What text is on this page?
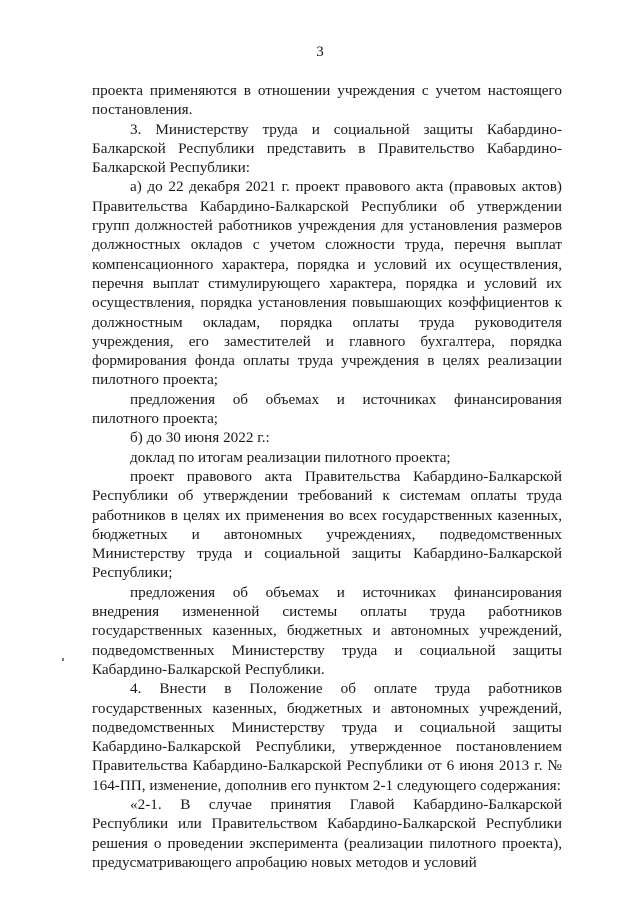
3

проекта применяются в отношении учреждения с учетом настоящего постановления.

3. Министерству труда и социальной защиты Кабардино-Балкарской Республики представить в Правительство Кабардино-Балкарской Республики:

а) до 22 декабря 2021 г. проект правового акта (правовых актов) Правительства Кабардино-Балкарской Республики об утверждении групп должностей работников учреждения для установления размеров должностных окладов с учетом сложности труда, перечня выплат компенсационного характера, порядка и условий их осуществления, перечня выплат стимулирующего характера, порядка и условий их осуществления, порядка установления повышающих коэффициентов к должностным окладам, порядка оплаты труда руководителя учреждения, его заместителей и главного бухгалтера, порядка формирования фонда оплаты труда учреждения в целях реализации пилотного проекта;

предложения об объемах и источниках финансирования пилотного проекта;

б) до 30 июня 2022 г.:

доклад по итогам реализации пилотного проекта;

проект правового акта Правительства Кабардино-Балкарской Республики об утверждении требований к системам оплаты труда работников в целях их применения во всех государственных казенных, бюджетных и автономных учреждениях, подведомственных Министерству труда и социальной защиты Кабардино-Балкарской Республики;

предложения об объемах и источниках финансирования внедрения измененной системы оплаты труда работников государственных казенных, бюджетных и автономных учреждений, подведомственных Министерству труда и социальной защиты Кабардино-Балкарской Республики.

4. Внести в Положение об оплате труда работников государственных казенных, бюджетных и автономных учреждений, подведомственных Министерству труда и социальной защиты Кабардино-Балкарской Республики, утвержденное постановлением Правительства Кабардино-Балкарской Республики от 6 июня 2013 г. № 164-ПП, изменение, дополнив его пунктом 2-1 следующего содержания:

«2-1. В случае принятия Главой Кабардино-Балкарской Республики или Правительством Кабардино-Балкарской Республики решения о проведении эксперимента (реализации пилотного проекта), предусматривающего апробацию новых методов и условий
